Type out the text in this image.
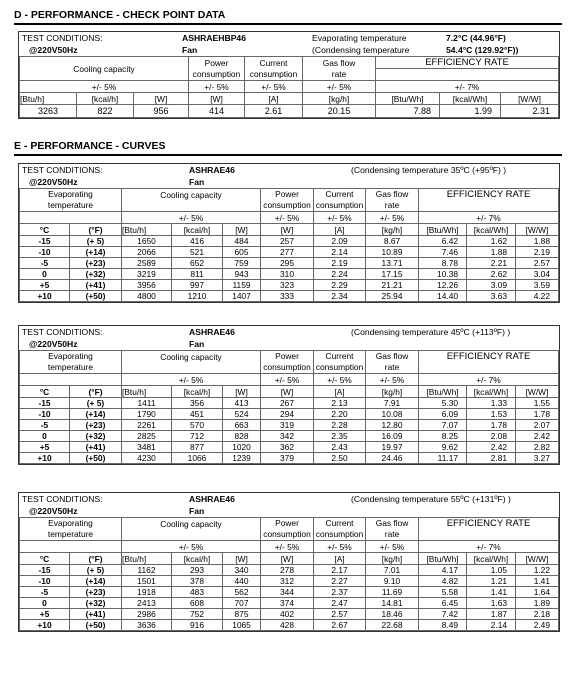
D - PERFORMANCE - CHECK POINT DATA
TEST CONDITIONS:	ASHRAEHBP46	Evaporating temperature	7.2°C (44.96°F)
@220V50Hz	Fan	(Condensing temperature	54.4°C (129.92°F))
Cooling capacity			Power consumption	Current consumption	Gas flow rate	EFFICIENCY RATE		

+/- 5%			+/- 5%	+/- 5%	+/- 5%	+/- 7%		
[Btu/h]	[kcal/h]	[W]	[W]	[A]	[kg/h]	[Btu/Wh]	[kcal/Wh]	[W/W]
3263	822	956	414	2.61	20.15	7.88	1.99	2.31
E - PERFORMANCE - CURVES
TEST CONDITIONS:	ASHRAE46	(Condensing temperature 35ºC (+95ºF) )
@220V50Hz	Fan	
Evaporating temperature		Cooling capacity			Power consumption	Current consumption	Gas flow rate	EFFICIENCY RATE		

		+/- 5%			+/- 5%	+/- 5%	+/- 5%	+/- 7%		
°C	(°F)	[Btu/h]	[kcal/h]	[W]	[W]	[A]	[kg/h]	[Btu/Wh]	[kcal/Wh]	[W/W]
-15	(+ 5)	1650	416	484	257	2.09	8.67	6.42	1.62	1.88
-10	(+14)	2066	521	605	277	2.14	10.89	7.46	1.88	2.19
-5	(+23)	2589	652	759	295	2.19	13.71	8.78	2.21	2.57
0	(+32)	3219	811	943	310	2.24	17.15	10.38	2.62	3.04
+5	(+41)	3956	997	1159	323	2.29	21.21	12.26	3.09	3.59
+10	(+50)	4800	1210	1407	333	2.34	25.94	14.40	3.63	4.22
TEST CONDITIONS:	ASHRAE46	(Condensing temperature 45ºC (+113ºF) )
@220V50Hz	Fan	
Evaporating temperature		Cooling capacity			Power consumption	Current consumption	Gas flow rate	EFFICIENCY RATE		

		+/- 5%			+/- 5%	+/- 5%	+/- 5%	+/- 7%		
°C	(°F)	[Btu/h]	[kcal/h]	[W]	[W]	[A]	[kg/h]	[Btu/Wh]	[kcal/Wh]	[W/W]
-15	(+ 5)	1411	356	413	267	2.13	7.91	5.30	1.33	1.55
-10	(+14)	1790	451	524	294	2.20	10.08	6.09	1.53	1.78
-5	(+23)	2261	570	663	319	2.28	12.80	7.07	1.78	2.07
0	(+32)	2825	712	828	342	2.35	16.09	8.25	2.08	2.42
+5	(+41)	3481	877	1020	362	2.43	19.97	9.62	2.42	2.82
+10	(+50)	4230	1066	1239	379	2.50	24.46	11.17	2.81	3.27
TEST CONDITIONS:	ASHRAE46	(Condensing temperature 55ºC (+131ºF) )
@220V50Hz	Fan	
Evaporating temperature		Cooling capacity			Power consumption	Current consumption	Gas flow rate	EFFICIENCY RATE		

		+/- 5%			+/- 5%	+/- 5%	+/- 5%	+/- 7%		
°C	(°F)	[Btu/h]	[kcal/h]	[W]	[W]	[A]	[kg/h]	[Btu/Wh]	[kcal/Wh]	[W/W]
-15	(+ 5)	1162	293	340	278	2.17	7.01	4.17	1.05	1.22
-10	(+14)	1501	378	440	312	2.27	9.10	4.82	1.21	1.41
-5	(+23)	1918	483	562	344	2.37	11.69	5.58	1.41	1.64
0	(+32)	2413	608	707	374	2.47	14.81	6.45	1.63	1.89
+5	(+41)	2986	752	875	402	2.57	18.46	7.42	1.87	2.18
+10	(+50)	3636	916	1065	428	2.67	22.68	8.49	2.14	2.49
